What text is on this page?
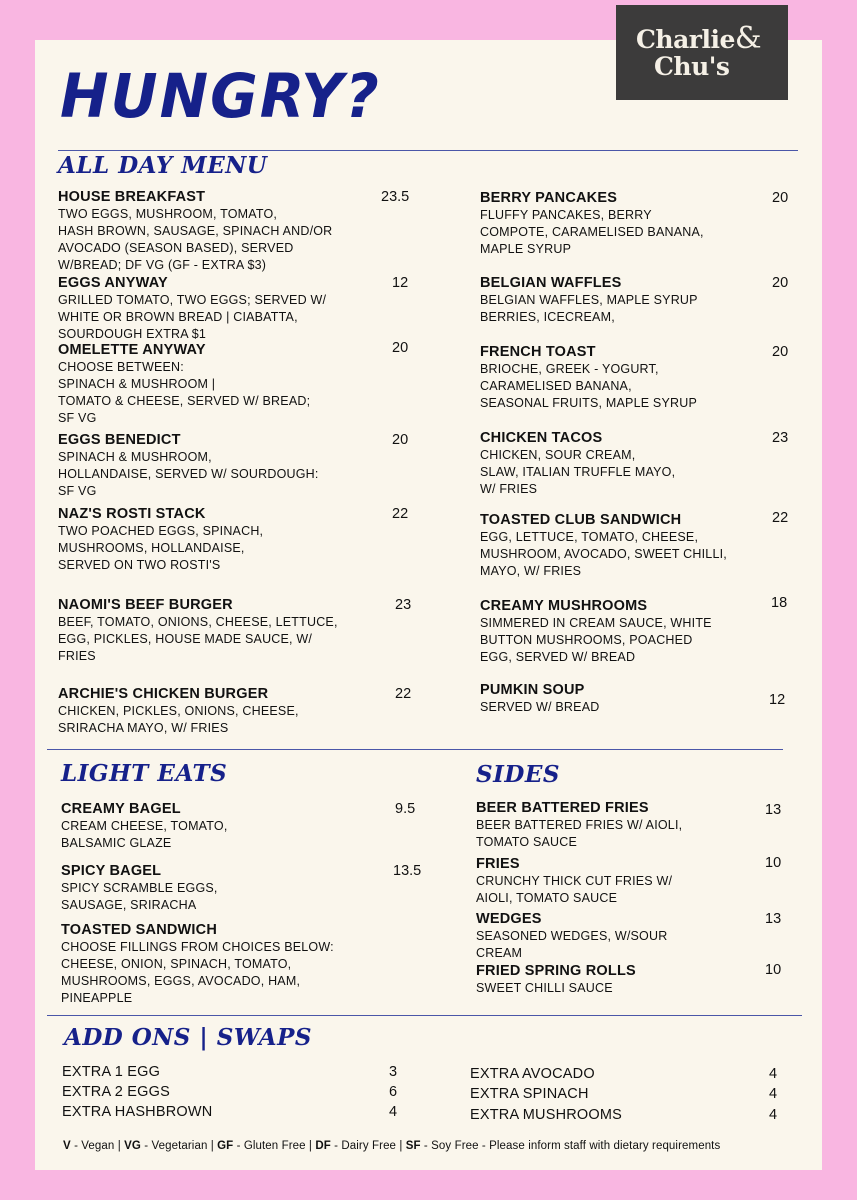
Charlie&
Chu's
HUNGRY?
ALL DAY MENU
HOUSE BREAKFAST
TWO EGGS, MUSHROOM, TOMATO,
HASH BROWN, SAUSAGE, SPINACH AND/OR
AVOCADO (SEASON BASED), SERVED
W/BREAD; DF VG (GF - EXTRA $3)
23.5
EGGS ANYWAY
GRILLED TOMATO, TWO EGGS; SERVED W/
WHITE OR BROWN BREAD | CIABATTA,
SOURDOUGH EXTRA $1
12
OMELETTE ANYWAY
CHOOSE BETWEEN:
SPINACH & MUSHROOM |
TOMATO & CHEESE, SERVED W/ BREAD;
SF VG
20
EGGS BENEDICT
SPINACH & MUSHROOM,
HOLLANDAISE, SERVED W/ SOURDOUGH:
SF VG
20
NAZ'S ROSTI STACK
TWO POACHED EGGS, SPINACH,
MUSHROOMS, HOLLANDAISE,
SERVED ON TWO ROSTI'S
22
NAOMI'S BEEF BURGER
BEEF, TOMATO, ONIONS, CHEESE, LETTUCE,
EGG, PICKLES, HOUSE MADE SAUCE, W/
FRIES
23
ARCHIE'S CHICKEN BURGER
CHICKEN, PICKLES, ONIONS, CHEESE,
SRIRACHA MAYO, W/ FRIES
22
BERRY PANCAKES
FLUFFY PANCAKES, BERRY
COMPOTE, CARAMELISED BANANA,
MAPLE SYRUP
20
BELGIAN WAFFLES
BELGIAN WAFFLES, MAPLE SYRUP
BERRIES, ICECREAM,
20
FRENCH TOAST
BRIOCHE, GREEK - YOGURT,
CARAMELISED BANANA,
SEASONAL FRUITS, MAPLE SYRUP
20
CHICKEN TACOS
CHICKEN, SOUR CREAM,
SLAW, ITALIAN TRUFFLE MAYO,
W/ FRIES
23
TOASTED CLUB SANDWICH
EGG, LETTUCE, TOMATO, CHEESE,
MUSHROOM, AVOCADO, SWEET CHILLI,
MAYO, W/ FRIES
22
CREAMY MUSHROOMS
SIMMERED IN CREAM SAUCE, WHITE
BUTTON MUSHROOMS, POACHED
EGG, SERVED W/ BREAD
18
PUMKIN SOUP
SERVED W/ BREAD	12
LIGHT EATS	SIDES
CREAMY BAGEL
CREAM CHEESE, TOMATO,
BALSAMIC GLAZE
9.5
SPICY BAGEL
SPICY SCRAMBLE EGGS,
SAUSAGE, SRIRACHA
13.5
TOASTED SANDWICH
CHOOSE FILLINGS FROM CHOICES BELOW:
CHEESE, ONION, SPINACH, TOMATO,
MUSHROOMS, EGGS, AVOCADO, HAM,
PINEAPPLE
BEER BATTERED FRIES
BEER BATTERED FRIES W/ AIOLI,
TOMATO SAUCE
13
FRIES
CRUNCHY THICK CUT FRIES W/
AIOLI, TOMATO SAUCE
10
WEDGES
SEASONED WEDGES, W/SOUR
CREAM
13
FRIED SPRING ROLLS
SWEET CHILLI SAUCE
10
ADD ONS | SWAPS
EXTRA 1 EGG	3
EXTRA 2 EGGS	6
EXTRA HASHBROWN	4
EXTRA AVOCADO	4
EXTRA SPINACH	4
EXTRA MUSHROOMS	4
V - Vegan | VG - Vegetarian | GF - Gluten Free | DF - Dairy Free | SF - Soy Free - Please inform staff with dietary requirements
